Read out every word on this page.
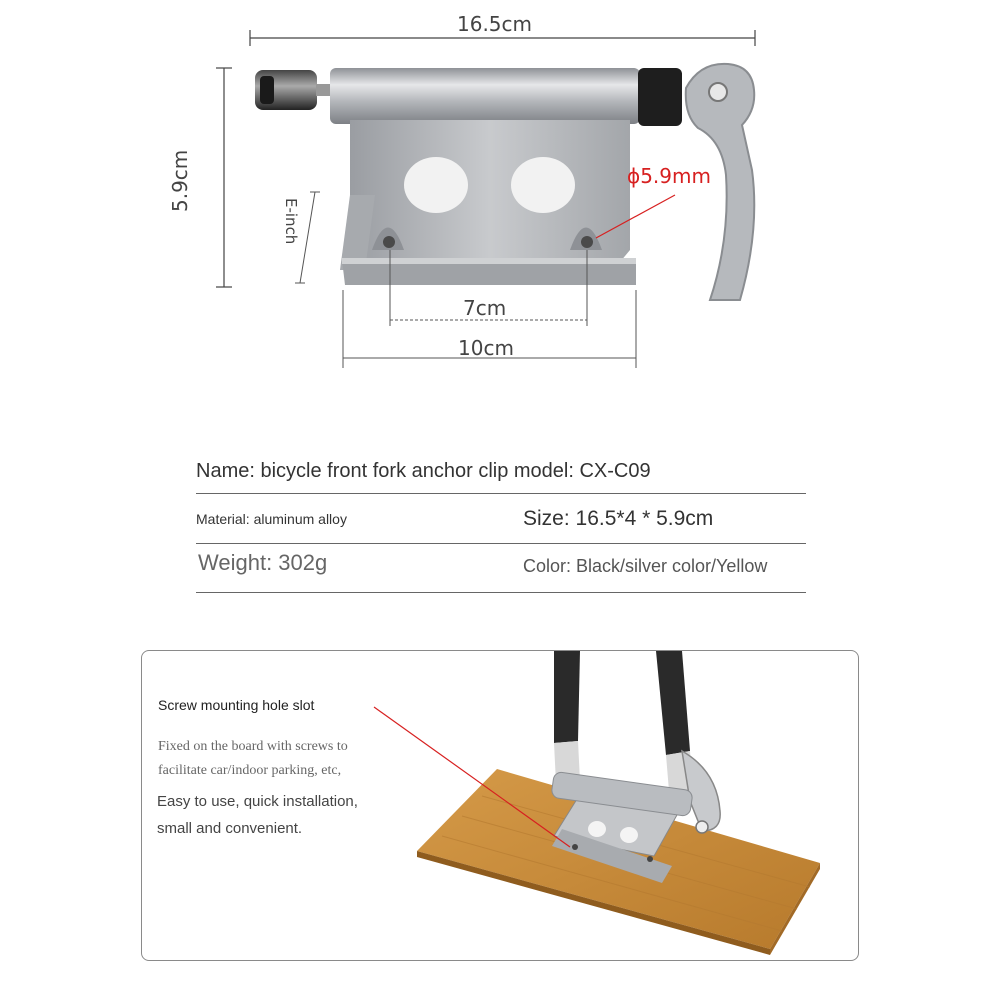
16.5cm
5.9cm
E-inch
ϕ5.9mm
7cm
10cm
Name: bicycle front fork anchor clip model: CX-C09
Material: aluminum alloy	Size: 16.5*4 * 5.9cm
Weight: 302g	Color: Black/silver color/Yellow
Screw mounting hole slot
Fixed on the board with screws to
facilitate car/indoor parking, etc,
Easy to use, quick installation,
small and convenient.
